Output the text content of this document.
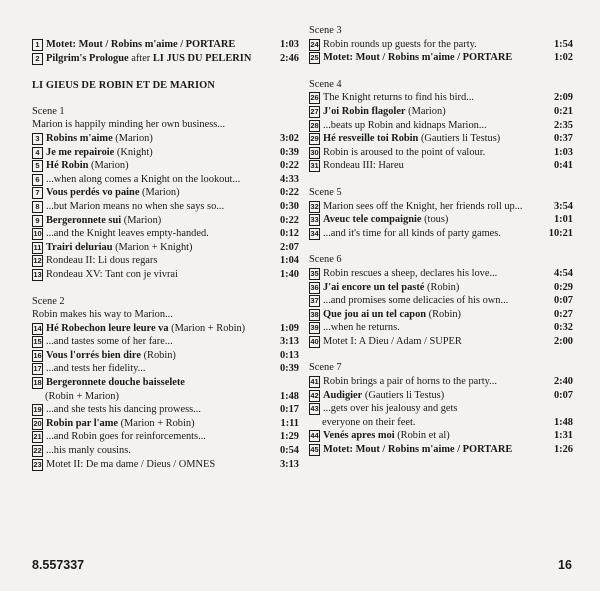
1 Motet: Mout / Robins m'aime / PORTARE	1:03
2 Pilgrim's Prologue after LI JUS DU PELERIN	2:46
LI GIEUS DE ROBIN ET DE MARION
Scene 1
Marion is happily minding her own business...
3 Robins m'aime (Marion)	3:02
4 Je me repairoie (Knight)	0:39
5 Hé Robin (Marion)	0:22
6 ...when along comes a Knight on the lookout...	4:33
7 Vous perdés vo paine (Marion)	0:22
8 ...but Marion means no when she says so...	0:30
9 Bergeronnete sui (Marion)	0:22
10 ...and the Knight leaves empty-handed.	0:12
11 Trairi deluriau (Marion + Knight)	2:07
12 Rondeau II: Li dous regars	1:04
13 Rondeau XV: Tant con je vivrai	1:40
Scene 2
Robin makes his way to Marion...
14 Hé Robechon leure leure va (Marion + Robin)	1:09
15 ...and tastes some of her fare...	3:13
16 Vous l'orrés bien dire (Robin)	0:13
17 ...and tests her fidelity...	0:39
18 Bergeronnete douche baisselete
(Robin + Marion)	1:48
19 ...and she tests his dancing prowess...	0:17
20 Robin par l'ame (Marion + Robin)	1:11
21 ...and Robin goes for reinforcements...	1:29
22 ...his manly cousins.	0:54
23 Motet II: De ma dame / Dieus / OMNES	3:13
Scene 3
24 Robin rounds up guests for the party.	1:54
25 Motet: Mout / Robins m'aime / PORTARE	1:02
Scene 4
26 The Knight returns to find his bird...	2:09
27 J'oi Robin flagoler (Marion)	0:21
28 ...beats up Robin and kidnaps Marion...	2:35
29 Hé resveille toi Robin (Gautiers li Testus)	0:37
30 Robin is aroused to the point of valour.	1:03
31 Rondeau III: Hareu	0:41
Scene 5
32 Marion sees off the Knight, her friends roll up...	3:54
33 Aveuc tele compaignie (tous)	1:01
34 ...and it's time for all kinds of party games.	10:21
Scene 6
35 Robin rescues a sheep, declares his love...	4:54
36 J'ai encore un tel pasté (Robin)	0:29
37 ...and promises some delicacies of his own...	0:07
38 Que jou ai un tel capon (Robin)	0:27
39 ...when he returns.	0:32
40 Motet I: A Dieu / Adam / SUPER	2:00
Scene 7
41 Robin brings a pair of horns to the party...	2:40
42 Audigier (Gautiers li Testus)	0:07
43 ...gets over his jealousy and gets
everyone on their feet.	1:48
44 Venés apres moi (Robin et al)	1:31
45 Motet: Mout / Robins m'aime / PORTARE	1:26
8.557337	16
